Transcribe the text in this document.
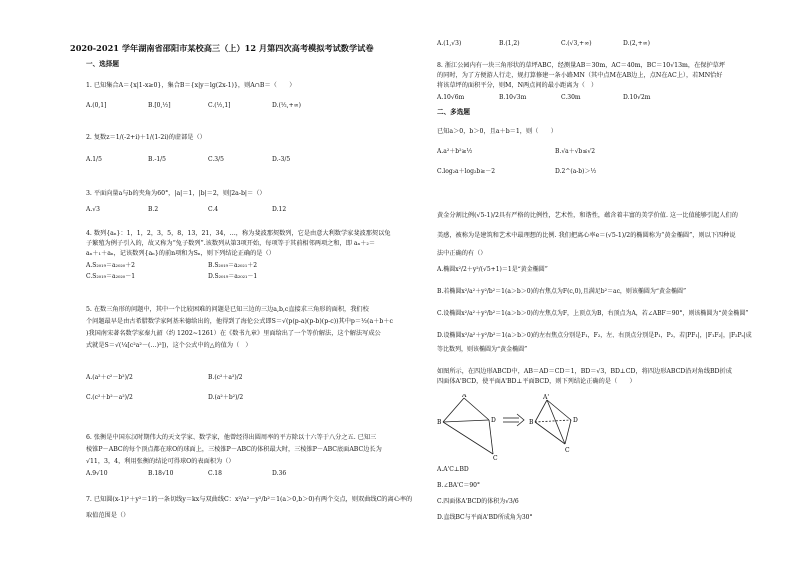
2020-2021 学年湖南省邵阳市某校高三（上）12 月第四次高考模拟考试数学试卷
一、选择题
1. 已知集合A＝{x|1-x≥0}，集合B＝{x|y＝lg(2x-1)}，则A∩B＝（　　）
A.(0,1]	B.[0,½]	C.(½,1]	D.(½,+∞)
2. 复数z＝1/(-2+i)＋1/(1-2i)的虚部是（）
A.1/5	B.-1/5	C.3/5	D.-3/5
3. 平面向量a与b的夹角为60°，|a|＝1，|b|＝2，则|2a-b|＝（）
A.√3	B.2	C.4	D.12
4. 数列{aₙ}：1，1，2，3，5，8，13，21，34，…，称为斐波那契数列，它是由意大利数学家斐波那契以兔
子繁殖为例子引入的，故又称为“兔子数列”.该数列从第3项开始，每项等于其前相邻两项之和，即 aₙ＋₂＝
aₙ＋₁＋aₙ，记该数列{aₙ}的前n项和为Sₙ，则下列结论正确的是（）
A.S₂₀₁₉＝a₂₀₂₀＋2	B.S₂₀₁₉＝a₂₀₂₁＋2
C.S₂₀₁₉＝a₂₀₂₀－1	D.S₂₀₁₉＝a₂₀₂₁－1
5. 在数三角形的问题中，其中一个比较困难的问题是已知三边的三边a,b,c直接求三角形的面积，我们校
个问题最早是由古希腊数学家阿基米德给出的，他得到了海伦公式即S＝√(p(p-a)(p-b)(p-c))其中p＝½(a＋b＋c
)我国南宋著名数学家秦九韶（约 1202~1261）在《数书九章》里面给出了一个等价解法，这个解法写成公
式就是S＝√(¼[c²a²－(…)²])，这个公式中的△的值为（　）
A.(a²＋c²－b²)/2	B.(c²＋a²)/2
C.(c²＋b²－a²)/2	D.(a²＋b²)/2
6. 张衡是中国东汉时期伟大的天文学家、数学家，他曾经得出圆周率的平方除以十六等于八分之五. 已知三
棱锥P－ABC的每个顶点都在球O的球面上，三棱锥P－ABC的体积最大时，三棱锥P－ABC底面ABC边长为
√11，3，4，利用张衡的结论可得球O的表面积为（）
A.9√10	B.18√10	C.18	D.36
7. 已知圆(x-1)²＋y²＝1的一条切线y＝kx与双曲线C：x²/a²－y²/b²＝1(a＞0,b＞0)有两个交点，则双曲线C的离心率的
取值范围是（）
A.(1,√3)	B.(1,2)	C.(√3,+∞)	D.(2,+∞)
8. 浙江公园内有一块三角形状的草坪ABC，经测量AB＝30m，AC＝40m，BC＝10√13m，在保护草坪
的同时，为了方便游人行走，规打算修建一条小路MN（其中点M在AB边上，点N在AC上），若MN恰好
将该草坪的面积平分，则M，N两点间的最小距离为（　）
A.10√6m	B.10√3m	C.30m	D.10√2m
二、多选题
已知a＞0，b＞0，且a＋b＝1，则（　　）
A.a²＋b²≥½	B.√a＋√b≤√2
C.log₂a＋log₂b≥－2	D.2^(a-b)＞½
黄金分割比例(√5-1)/2具有严格的比例性，艺术性，和谐性，蕴含着丰富的美学价值. 这一比值能够引起人们的
美感，被称为是建筑和艺术中最理想的比例. 我们把离心率e＝(√5-1)/2的椭圆称为“黄金椭圆”，则以下四种说
法中正确的有（）
A.椭圆x²/2＋y²/(√5+1)＝1是“黄金椭圆”
B.若椭圆x²/a²＋y²/b²＝1(a＞b＞0)的右焦点为F(c,0),且满足b²＝ac，则该椭圆为“黄金椭圆”
C.设椭圆x²/a²＋y²/b²＝1(a＞b＞0)的左焦点为F，上顶点为B，右顶点为A，若∠ABF＝90°，则该椭圆为“黄金椭圆”
D.设椭圆x²/a²＋y²/b²＝1(a＞b＞0)的左右焦点分别是F₁，F₂，左、右顶点分别是P₁，P₂，若|PF₁|，|F₁F₂|，|F₂Pₛ|成
等比数列，则该椭圆为“黄金椭圆”
如图所示，在四边形ABCD中，AB＝AD＝CD＝1，BD＝√3，BD⊥CD，将四边形ABCD沿对角线BD折成
四面体A'BCD，使平面A'BD⊥平面BCD，则下列结论正确的是（　　）
A
B	D
C
A'
B	D
C
A.A'C⊥BD
B.∠BA'C＝90°
C.四面体A'BCD的体积为√3/6
D.直线BC与平面A'BD所成角为30°
